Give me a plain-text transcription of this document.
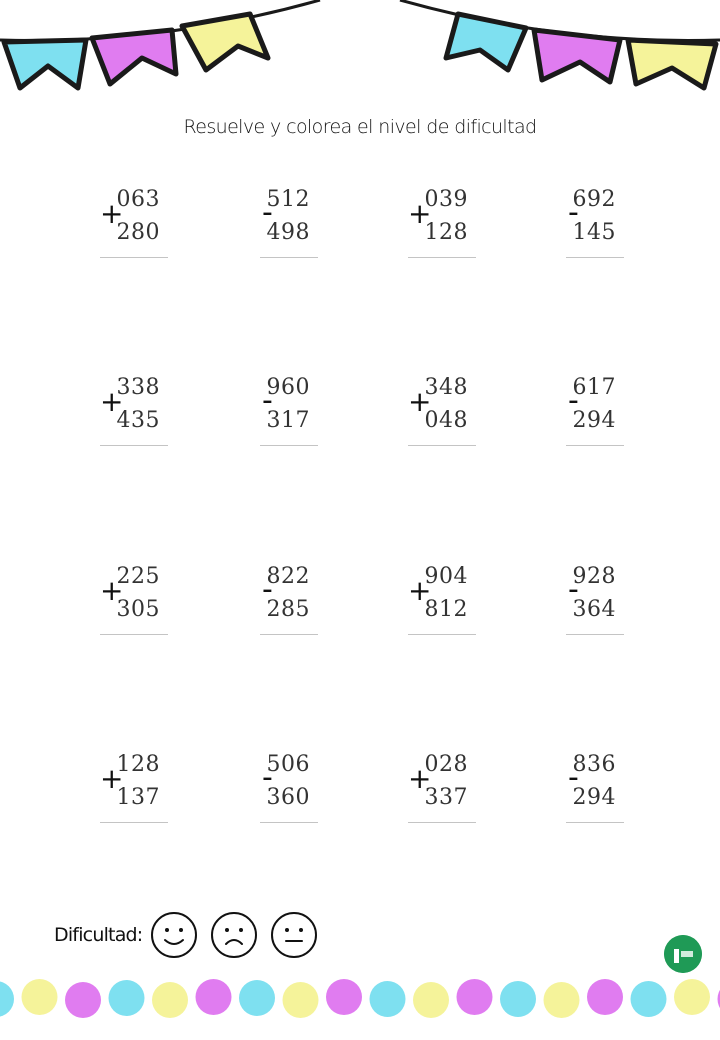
Resuelve y colorea el nivel de dificultad
+
063
280
-
512
498
+
039
128
-
692
145
+
338
435
-
960
317
+
348
048
-
617
294
+
225
305
-
822
285
+
904
812
-
928
364
+
128
137
-
506
360
+
028
337
-
836
294
Dificultad:
